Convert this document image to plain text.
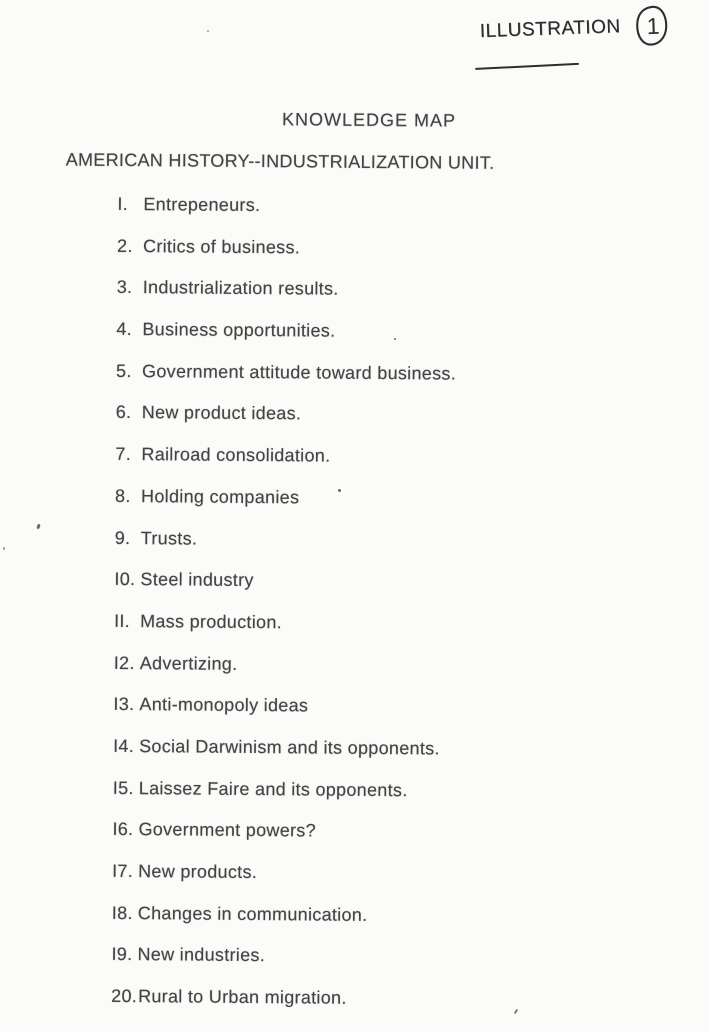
ILLUSTRATION 1
KNOWLEDGE MAP
AMERICAN HISTORY--INDUSTRIALIZATION UNIT.
I. Entrepeneurs.
2. Critics of business.
3. Industrialization results.
4. Business opportunities.
5. Government attitude toward business.
6. New product ideas.
7. Railroad consolidation.
8. Holding companies
9. Trusts.
I0. Steel industry
II. Mass production.
I2. Advertizing.
I3. Anti-monopoly ideas
I4. Social Darwinism and its opponents.
I5. Laissez Faire and its opponents.
I6. Government powers?
I7. New products.
I8. Changes in communication.
I9. New industries.
20.Rural to Urban migration.
